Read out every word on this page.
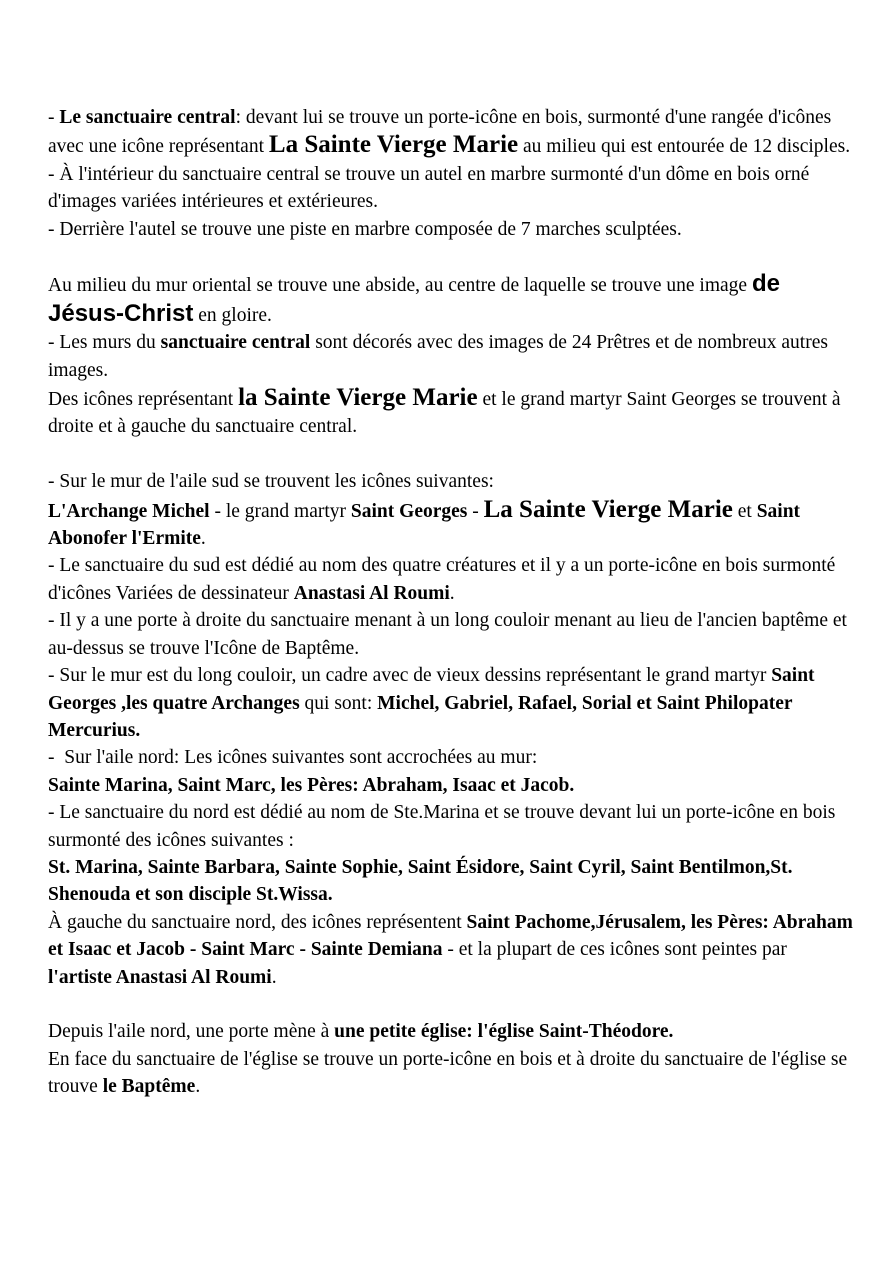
- Le sanctuaire central: devant lui se trouve un porte-icône en bois, surmonté d'une rangée d'icônes avec une icône représentant La Sainte Vierge Marie au milieu qui est entourée de 12 disciples.
- À l'intérieur du sanctuaire central se trouve un autel en marbre surmonté d'un dôme en bois orné d'images variées intérieures et extérieures.
- Derrière l'autel se trouve une piste en marbre composée de 7 marches sculptées.

Au milieu du mur oriental se trouve une abside, au centre de laquelle se trouve une image de Jésus-Christ en gloire.
- Les murs du sanctuaire central sont décorés avec des images de 24 Prêtres et de nombreux autres images.
Des icônes représentant la Sainte Vierge Marie et le grand martyr Saint Georges se trouvent à droite et à gauche du sanctuaire central.

- Sur le mur de l'aile sud se trouvent les icônes suivantes:
L'Archange Michel - le grand martyr Saint Georges - La Sainte Vierge Marie et Saint Abonofer l'Ermite.
- Le sanctuaire du sud est dédié au nom des quatre créatures et il y a un porte-icône en bois surmonté d'icônes Variées de dessinateur Anastasi Al Roumi.
- Il y a une porte à droite du sanctuaire menant à un long couloir menant au lieu de l'ancien baptême et au-dessus se trouve l'Icône de Baptême.
- Sur le mur est du long couloir, un cadre avec de vieux dessins représentant le grand martyr Saint Georges ,les quatre Archanges qui sont: Michel, Gabriel, Rafael, Sorial et Saint Philopater Mercurius.
-  Sur l'aile nord: Les icônes suivantes sont accrochées au mur:
Sainte Marina, Saint Marc, les Pères: Abraham, Isaac et Jacob.
- Le sanctuaire du nord est dédié au nom de Ste.Marina et se trouve devant lui un porte-icône en bois surmonté des icônes suivantes :
St. Marina, Sainte Barbara, Sainte Sophie, Saint Ésidore, Saint Cyril, Saint Bentilmon,St. Shenouda et son disciple St.Wissa.
À gauche du sanctuaire nord, des icônes représentent Saint Pachome,Jérusalem, les Pères: Abraham et Isaac et Jacob - Saint Marc - Sainte Demiana - et la plupart de ces icônes sont peintes par l'artiste Anastasi Al Roumi.

Depuis l'aile nord, une porte mène à une petite église: l'église Saint-Théodore.
En face du sanctuaire de l'église se trouve un porte-icône en bois et à droite du sanctuaire de l'église se trouve le Baptême.
